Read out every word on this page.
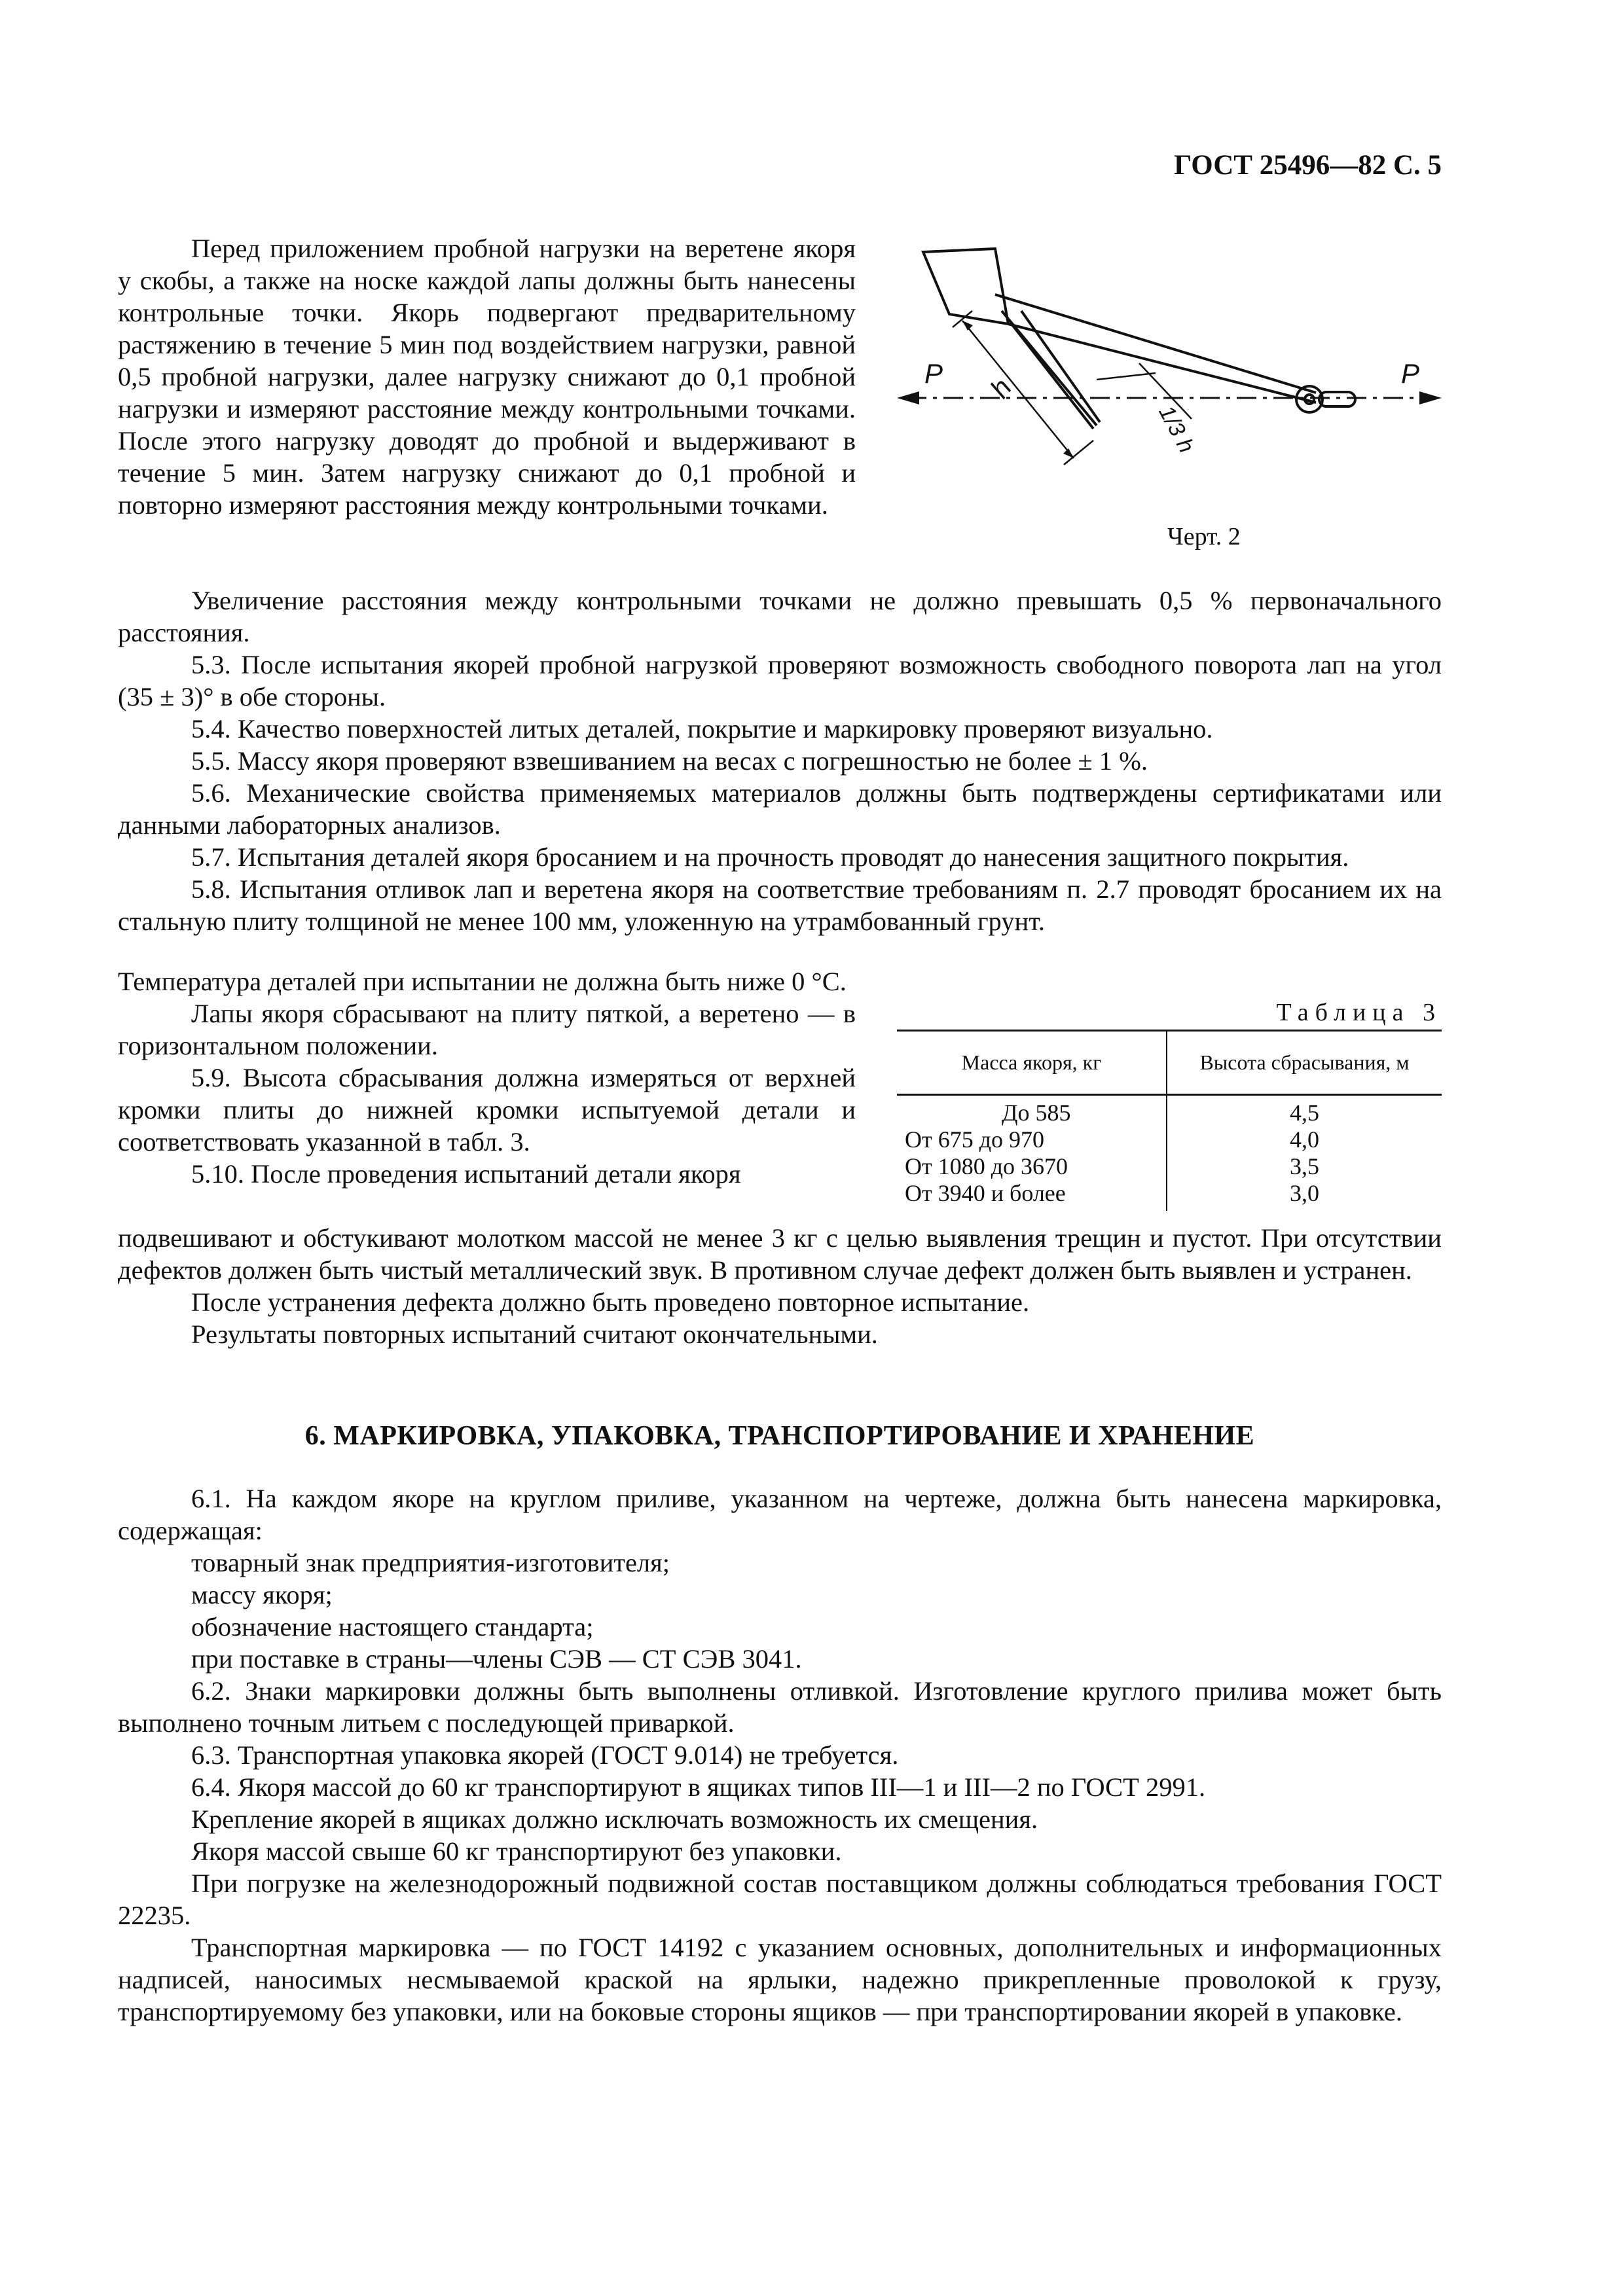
ГОСТ 25496—82 С. 5

Перед приложением пробной нагрузки на веретене якоря у скобы, а также на носке каждой лапы должны быть нанесены контрольные точки. Якорь подвергают предварительному растяжению в течение 5 мин под воздействием нагрузки, равной 0,5 пробной нагрузки, далее нагрузку снижают до 0,1 пробной нагрузки и измеряют расстояние между контрольными точками. После этого нагрузку доводят до пробной и выдерживают в течение 5 мин. Затем нагрузку снижают до 0,1 пробной и повторно измеряют расстояния между контрольными точками.

P	P
h
1/3 h
Черт. 2

Увеличение расстояния между контрольными точками не должно превышать 0,5 % первоначального расстояния.

5.3. После испытания якорей пробной нагрузкой проверяют возможность свободного поворота лап на угол (35 ± 3)° в обе стороны.

5.4. Качество поверхностей литых деталей, покрытие и маркировку проверяют визуально.

5.5. Массу якоря проверяют взвешиванием на весах с погрешностью не более ± 1 %.

5.6. Механические свойства применяемых материалов должны быть подтверждены сертификатами или данными лабораторных анализов.

5.7. Испытания деталей якоря бросанием и на прочность проводят до нанесения защитного покрытия.

5.8. Испытания отливок лап и веретена якоря на соответствие требованиям п. 2.7 проводят бросанием их на стальную плиту толщиной не менее 100 мм, уложенную на утрамбованный грунт.

Температура деталей при испытании не должна быть ниже 0 °С.

Лапы якоря сбрасывают на плиту пяткой, а веретено — в горизонтальном положении.

5.9. Высота сбрасывания должна измеряться от верхней кромки плиты до нижней кромки испытуемой детали и соответствовать указанной в табл. 3.

5.10. После проведения испытаний детали якоря

Таблица 3
Масса якоря, кг	Высота сбрасывания, м
До 585
От 675 до 970
От 1080 до 3670
От 3940 и более
4,5
4,0
3,5
3,0

подвешивают и обстукивают молотком массой не менее 3 кг с целью выявления трещин и пустот. При отсутствии дефектов должен быть чистый металлический звук. В противном случае дефект должен быть выявлен и устранен.

После устранения дефекта должно быть проведено повторное испытание.

Результаты повторных испытаний считают окончательными.

6. МАРКИРОВКА, УПАКОВКА, ТРАНСПОРТИРОВАНИЕ И ХРАНЕНИЕ

6.1. На каждом якоре на круглом приливе, указанном на чертеже, должна быть нанесена маркировка, содержащая:

товарный знак предприятия-изготовителя;

массу якоря;

обозначение настоящего стандарта;

при поставке в страны—члены СЭВ — СТ СЭВ 3041.

6.2. Знаки маркировки должны быть выполнены отливкой. Изготовление круглого прилива может быть выполнено точным литьем с последующей приваркой.

6.3. Транспортная упаковка якорей (ГОСТ 9.014) не требуется.

6.4. Якоря массой до 60 кг транспортируют в ящиках типов III—1 и III—2 по ГОСТ 2991.

Крепление якорей в ящиках должно исключать возможность их смещения.

Якоря массой свыше 60 кг транспортируют без упаковки.

При погрузке на железнодорожный подвижной состав поставщиком должны соблюдаться требования ГОСТ 22235.

Транспортная маркировка — по ГОСТ 14192 с указанием основных, дополнительных и информационных надписей, наносимых несмываемой краской на ярлыки, надежно прикрепленные проволокой к грузу, транспортируемому без упаковки, или на боковые стороны ящиков — при транспортировании якорей в упаковке.
